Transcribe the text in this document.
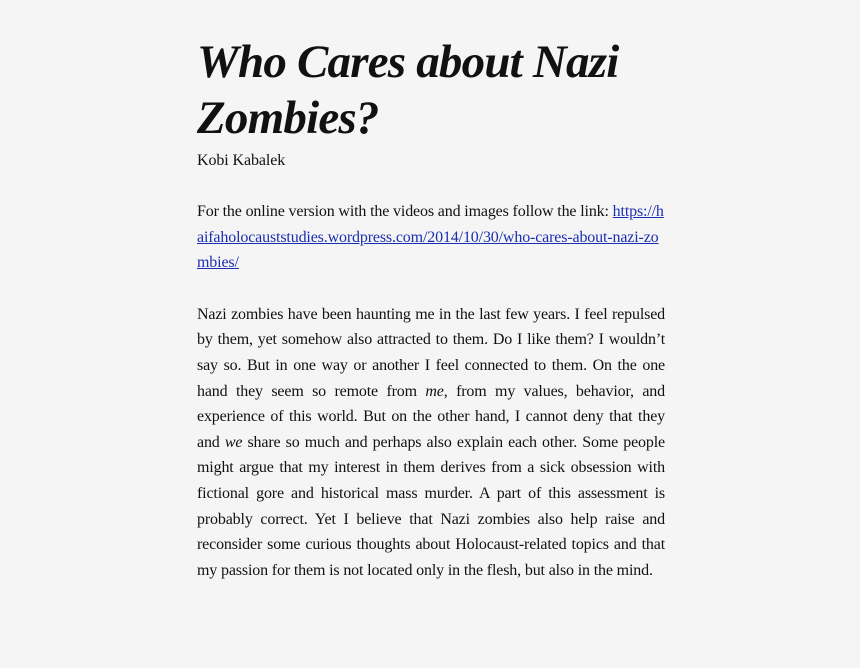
Who Cares about Nazi Zombies?

Kobi Kabalek

For the online version with the videos and images follow the link: https://haifaholocauststudies.wordpress.com/2014/10/30/who-cares-about-nazi-zombies/

Nazi zombies have been haunting me in the last few years. I feel repulsed by them, yet somehow also attracted to them. Do I like them? I wouldn’t say so. But in one way or another I feel connected to them. On the one hand they seem so remote from me, from my values, behavior, and experience of this world. But on the other hand, I cannot deny that they and we share so much and perhaps also explain each other. Some people might argue that my interest in them derives from a sick obsession with fictional gore and historical mass murder. A part of this assessment is probably correct. Yet I believe that Nazi zombies also help raise and reconsider some curious thoughts about Holocaust-related topics and that my passion for them is not located only in the flesh, but also in the mind.
